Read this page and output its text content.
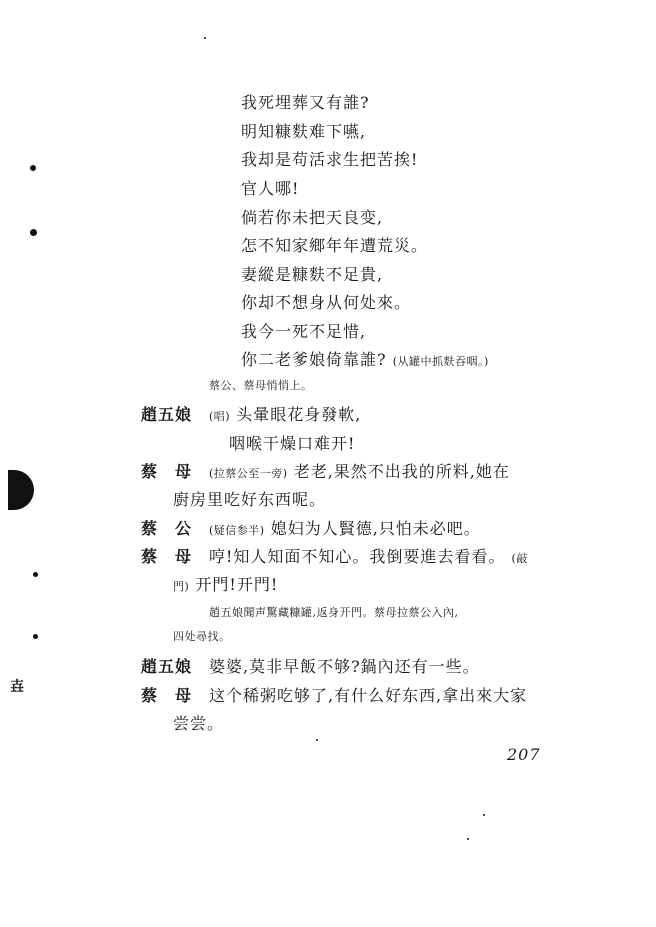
壵
我死埋葬又有誰?
明知糠麩难下嚥,
我却是苟活求生把苦挨!
官人哪!
倘若你未把天良变,
怎不知家鄉年年遭荒災。
妻縱是糠麩不足貴,
你却不想身从何处來。
我今一死不足惜,
你二老爹娘倚靠誰? (从罐中抓麩吞咽。)
蔡公、蔡母悄悄上。
趙五娘 (唱) 头暈眼花身發軟,
咽喉干燥口难开!
蔡　母 (拉蔡公至一旁) 老老,果然不出我的所料,她在
廚房里吃好东西呢。
蔡　公 (疑信参半) 媳妇为人賢德,只怕未必吧。
蔡　母 哼!知人知面不知心。我倒要進去看看。 (敲
門) 开門!开門!
趙五娘聞声驚藏糠罐,返身开門。蔡母拉蔡公入內,
四处尋找。
趙五娘 婆婆,莫非早飯不够?鍋內还有一些。
蔡　母 这个稀粥吃够了,有什么好东西,拿出來大家
尝尝。
207
